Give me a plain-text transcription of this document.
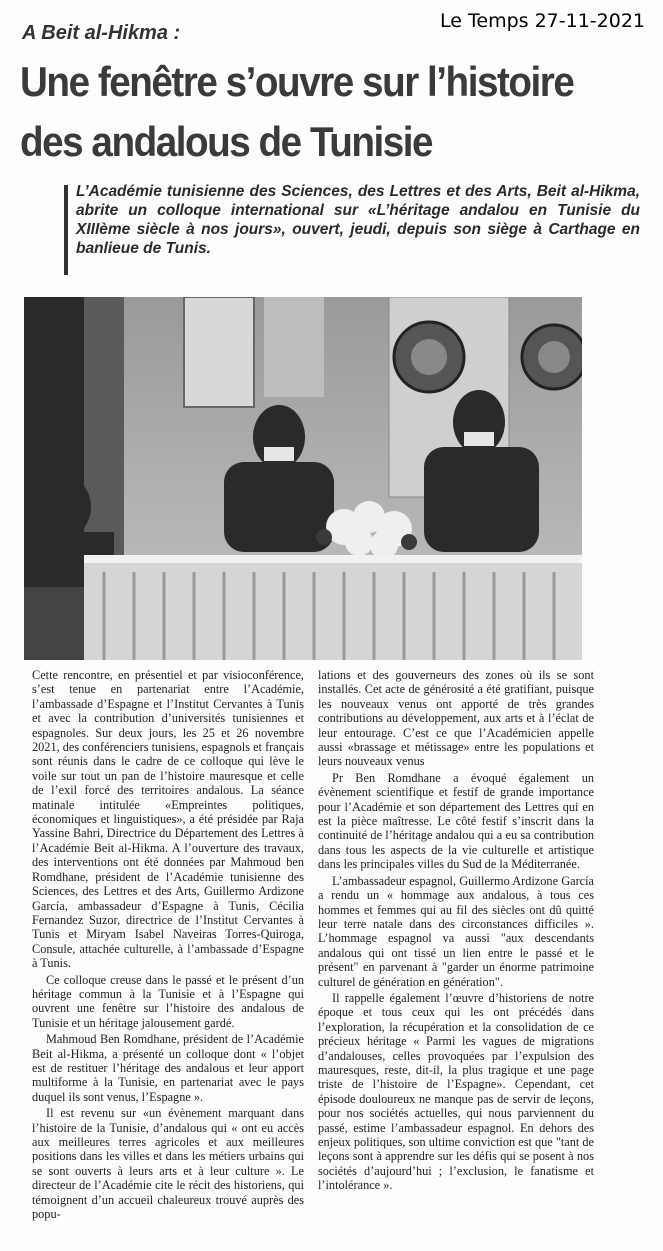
Le Temps 27-11-2021
A Beit al-Hikma :
Une fenêtre s’ouvre sur l’histoire des andalous de Tunisie
L’Académie tunisienne des Sciences, des Lettres et des Arts, Beit al-Hikma, abrite un colloque international sur «L’héritage andalou en Tunisie du XIIIème siècle à nos jours», ouvert, jeudi, depuis son siège à Carthage en banlieue de Tunis.

Cette rencontre, en présentiel et par visioconférence, s’est tenue en partenariat entre l’Académie, l’ambassade d’Espagne et l’Institut Cervantes à Tunis et avec la contribution d’universités tunisiennes et espagnoles. Sur deux jours, les 25 et 26 novembre 2021, des conférenciers tunisiens, espagnols et français sont réunis dans le cadre de ce colloque qui lève le voile sur tout un pan de l’histoire mauresque et celle de l’exil forcé des territoires andalous. La séance matinale intitulée «Empreintes politiques, économiques et linguistiques», a été présidée par Raja Yassine Bahri, Directrice du Département des Lettres à l’Académie Beit al-Hikma. A l’ouverture des travaux, des interventions ont été données par Mahmoud ben Romdhane, président de l’Académie tunisienne des Sciences, des Lettres et des Arts, Guillermo Ardizone García, ambassadeur d’Espagne à Tunis, Cécilia Fernandez Suzor, directrice de l’Institut Cervantes à Tunis et Miryam Isabel Naveiras Torres-Quiroga, Consule, attachée culturelle, à l’ambassade d’Espagne à Tunis.

Ce colloque creuse dans le passé et le présent d’un héritage commun à la Tunisie et à l’Espagne qui ouvrent une fenêtre sur l’histoire des andalous de Tunisie et un héritage jalousement gardé.

Mahmoud Ben Romdhane, président de l’Académie Beit al-Hikma, a présenté un colloque dont « l’objet est de restituer l’héritage des andalous et leur apport multiforme à la Tunisie, en partenariat avec le pays duquel ils sont venus, l’Espagne ».

Il est revenu sur «un évènement marquant dans l’histoire de la Tunisie, d’andalous qui « ont eu accès aux meilleures terres agricoles et aux meilleures positions dans les villes et dans les métiers urbains qui se sont ouverts à leurs arts et à leur culture ». Le directeur de l’Académie cite le récit des historiens, qui témoignent d’un accueil chaleureux trouvé auprès des popu-

lations et des gouverneurs des zones où ils se sont installés. Cet acte de générosité a été gratifiant, puisque les nouveaux venus ont apporté de très grandes contributions au développement, aux arts et à l’éclat de leur entourage. C’est ce que l’Académicien appelle aussi «brassage et métissage» entre les populations et leurs nouveaux venus

Pr Ben Romdhane a évoqué également un évènement scientifique et festif de grande importance pour l’Académie et son département des Lettres qui en est la pièce maîtresse. Le côté festif s’inscrit dans la continuité de l’héritage andalou qui a eu sa contribution dans tous les aspects de la vie culturelle et artistique dans les principales villes du Sud de la Méditerranée.

L’ambassadeur espagnol, Guillermo Ardizone García a rendu un « hommage aux andalous, à tous ces hommes et femmes qui au fil des siècles ont dû quitté leur terre natale dans des circonstances difficiles ». L’hommage espagnol va aussi "aux descendants andalous qui ont tissé un lien entre le passé et le présent" en parvenant à "garder un énorme patrimoine culturel de génération en génération".

Il rappelle également l’œuvre d’historiens de notre époque et tous ceux qui les ont précédés dans l’exploration, la récupération et la consolidation de ce précieux héritage « Parmi les vagues de migrations d’andalouses, celles provoquées par l’expulsion des mauresques, reste, dit-il, la plus tragique et une page triste de l’histoire de l’Espagne». Cependant, cet épisode douloureux ne manque pas de servir de leçons, pour nos sociétés actuelles, qui nous parviennent du passé, estime l’ambassadeur espagnol. En dehors des enjeux politiques, son ultime conviction est que "tant de leçons sont à apprendre sur les défis qui se posent à nos sociétés d’aujourd’hui ; l’exclusion, le fanatisme et l’intolérance ».
